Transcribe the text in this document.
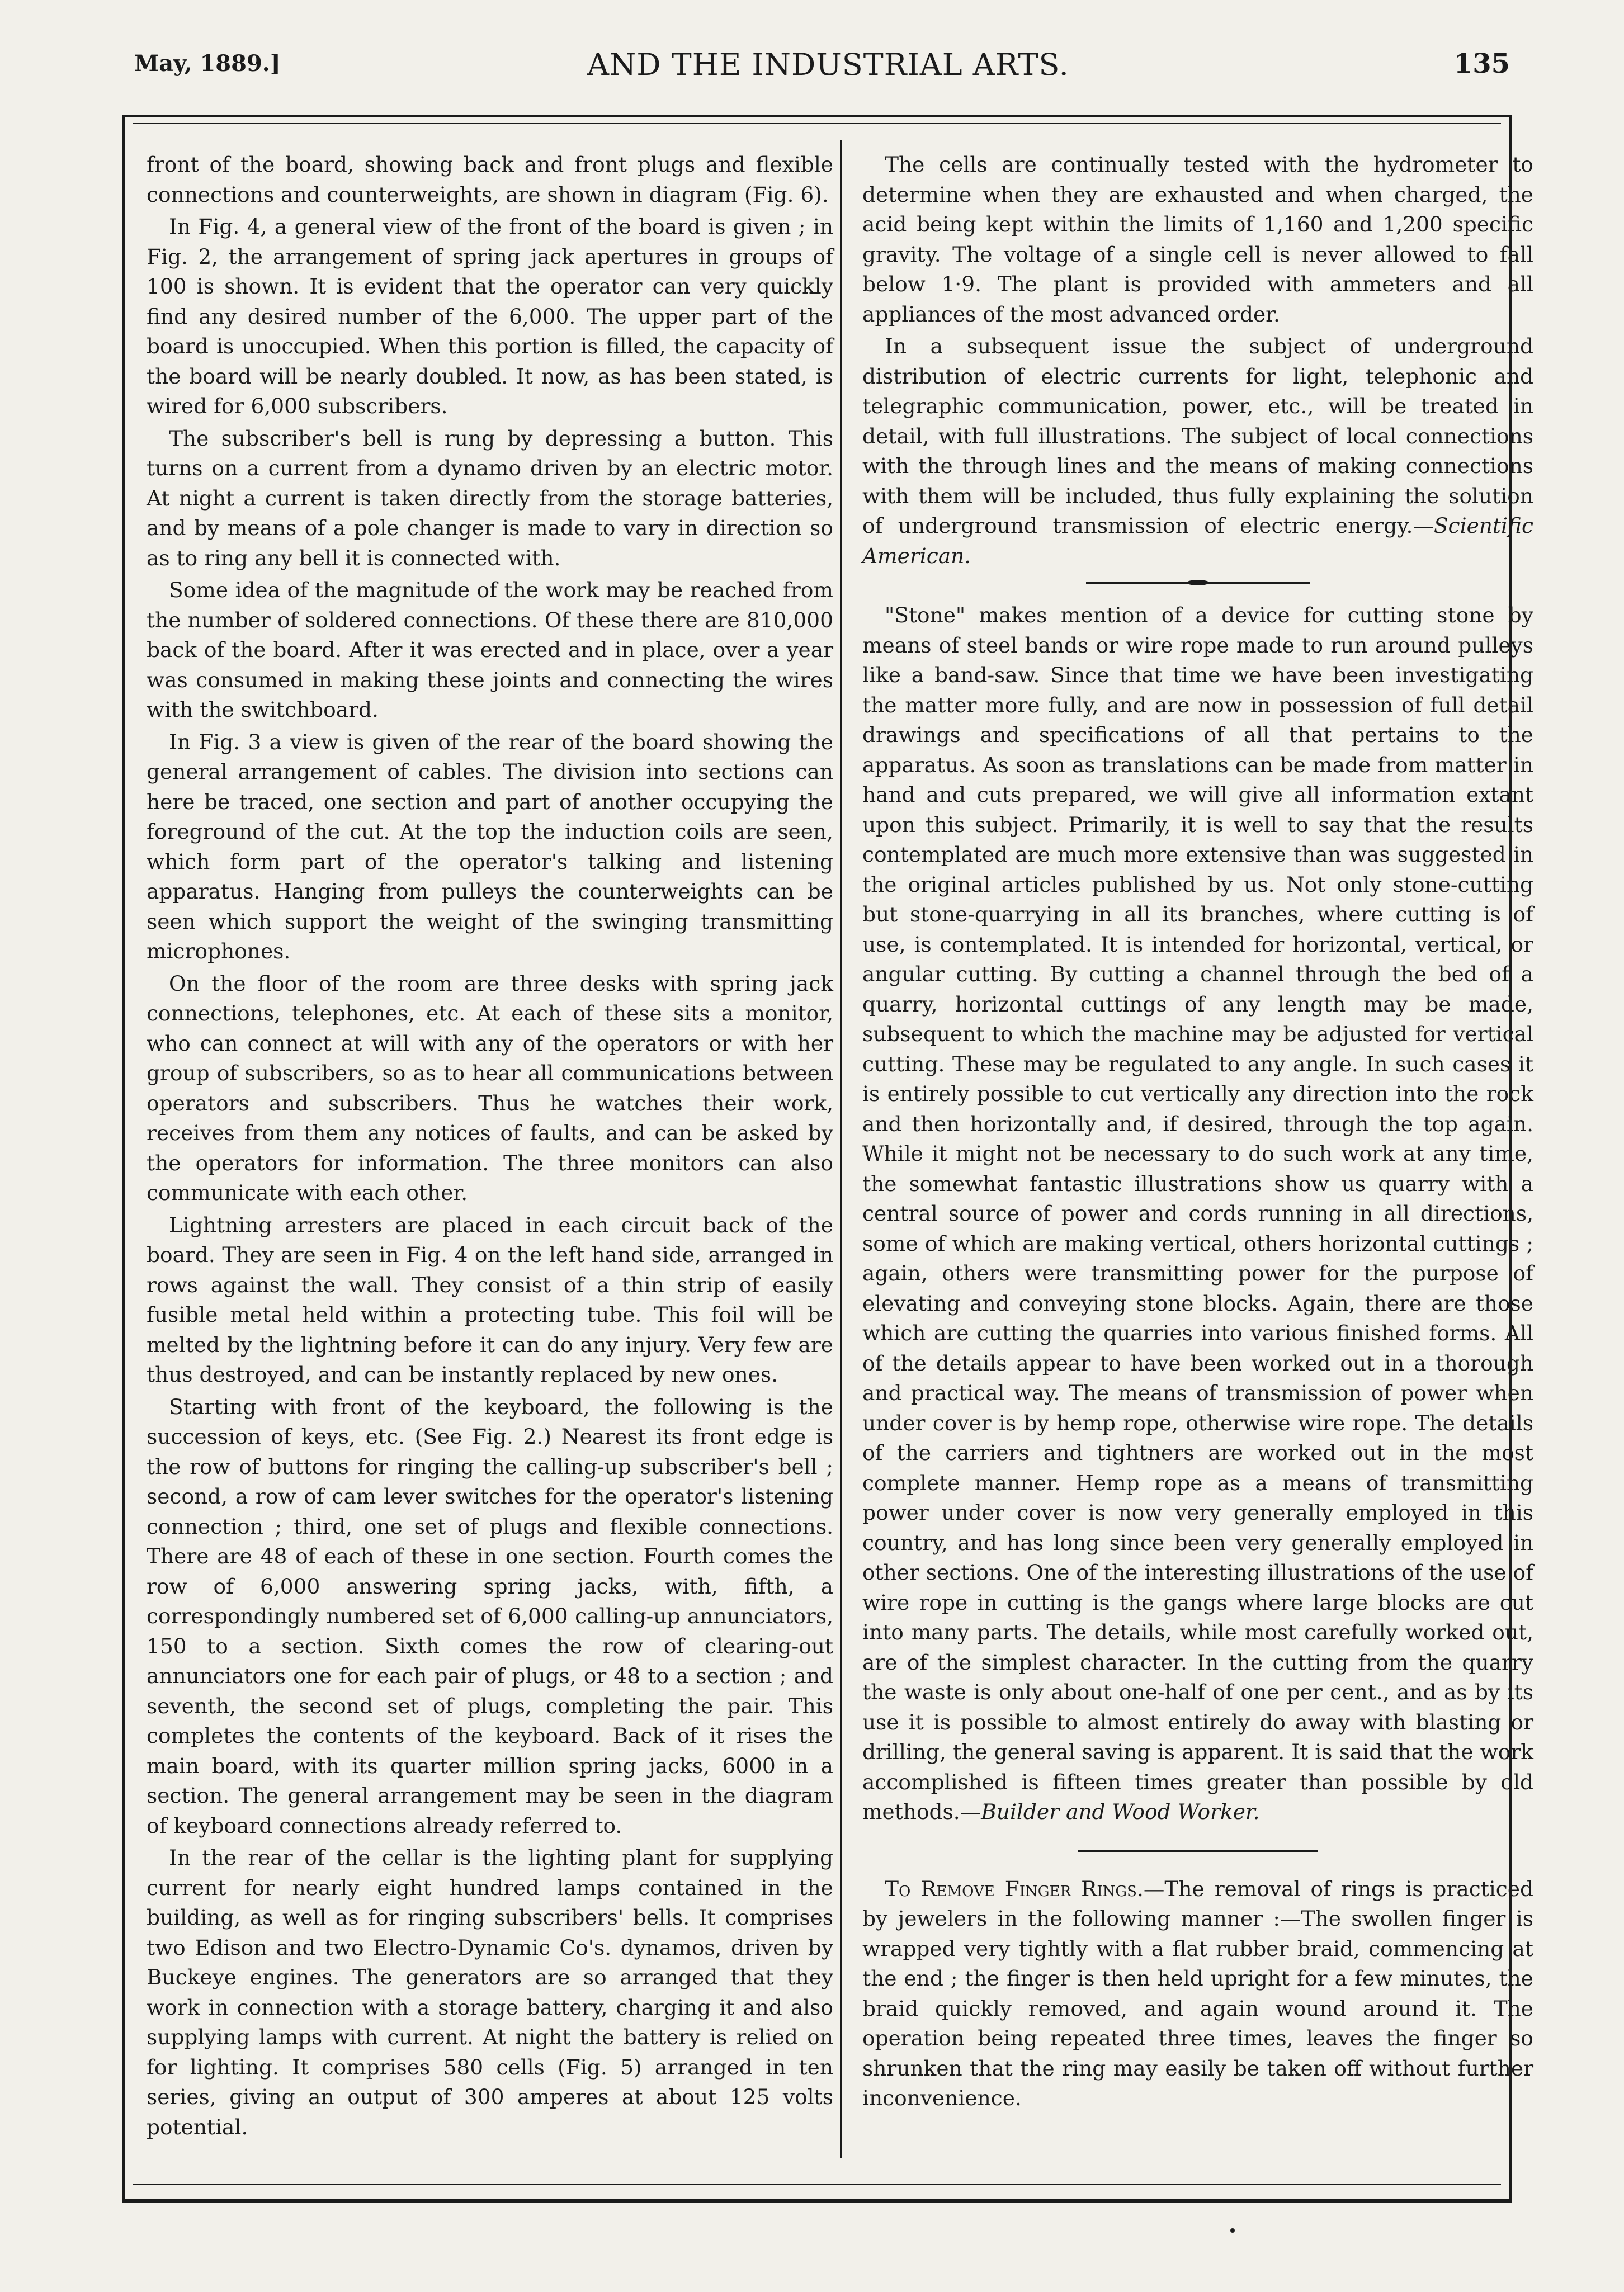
May, 1889.]	AND THE INDUSTRIAL ARTS.	135

front of the board, showing back and front plugs and flexible connections and counterweights, are shown in diagram (Fig. 6).

In Fig. 4, a general view of the front of the board is given ; in Fig. 2, the arrangement of spring jack apertures in groups of 100 is shown. It is evident that the operator can very quickly find any desired number of the 6,000. The upper part of the board is unoccupied. When this portion is filled, the capacity of the board will be nearly doubled. It now, as has been stated, is wired for 6,000 subscribers.

The subscriber's bell is rung by depressing a button. This turns on a current from a dynamo driven by an electric motor. At night a current is taken directly from the storage batteries, and by means of a pole changer is made to vary in direction so as to ring any bell it is connected with.

Some idea of the magnitude of the work may be reached from the number of soldered connections. Of these there are 810,000 back of the board. After it was erected and in place, over a year was consumed in making these joints and connecting the wires with the switchboard.

In Fig. 3 a view is given of the rear of the board showing the general arrangement of cables. The division into sections can here be traced, one section and part of another occupying the foreground of the cut. At the top the induction coils are seen, which form part of the operator's talking and listening apparatus. Hanging from pulleys the counterweights can be seen which support the weight of the swinging transmitting microphones.

On the floor of the room are three desks with spring jack connections, telephones, etc. At each of these sits a monitor, who can connect at will with any of the operators or with her group of subscribers, so as to hear all communications between operators and subscribers. Thus he watches their work, receives from them any notices of faults, and can be asked by the operators for information. The three monitors can also communicate with each other.

Lightning arresters are placed in each circuit back of the board. They are seen in Fig. 4 on the left hand side, arranged in rows against the wall. They consist of a thin strip of easily fusible metal held within a protecting tube. This foil will be melted by the lightning before it can do any injury. Very few are thus destroyed, and can be instantly replaced by new ones.

Starting with front of the keyboard, the following is the succession of keys, etc. (See Fig. 2.) Nearest its front edge is the row of buttons for ringing the calling-up subscriber's bell ; second, a row of cam lever switches for the operator's listening connection ; third, one set of plugs and flexible connections. There are 48 of each of these in one section. Fourth comes the row of 6,000 answering spring jacks, with, fifth, a correspondingly numbered set of 6,000 calling-up annunciators, 150 to a section. Sixth comes the row of clearing-out annunciators one for each pair of plugs, or 48 to a section ; and seventh, the second set of plugs, completing the pair. This completes the contents of the keyboard. Back of it rises the main board, with its quarter million spring jacks, 6000 in a section. The general arrangement may be seen in the diagram of keyboard connections already referred to.

In the rear of the cellar is the lighting plant for supplying current for nearly eight hundred lamps contained in the building, as well as for ringing subscribers' bells. It comprises two Edison and two Electro-Dynamic Co's. dynamos, driven by Buckeye engines. The generators are so arranged that they work in connection with a storage battery, charging it and also supplying lamps with current. At night the battery is relied on for lighting. It comprises 580 cells (Fig. 5) arranged in ten series, giving an output of 300 amperes at about 125 volts potential.

The cells are continually tested with the hydrometer to determine when they are exhausted and when charged, the acid being kept within the limits of 1,160 and 1,200 specific gravity. The voltage of a single cell is never allowed to fall below 1·9. The plant is provided with ammeters and all appliances of the most advanced order.

In a subsequent issue the subject of underground distribution of electric currents for light, telephonic and telegraphic communication, power, etc., will be treated in detail, with full illustrations. The subject of local connections with the through lines and the means of making connections with them will be included, thus fully explaining the solution of underground transmission of electric energy.—Scientific American.

"Stone" makes mention of a device for cutting stone by means of steel bands or wire rope made to run around pulleys like a band-saw. Since that time we have been investigating the matter more fully, and are now in possession of full detail drawings and specifications of all that pertains to the apparatus. As soon as translations can be made from matter in hand and cuts prepared, we will give all information extant upon this subject. Primarily, it is well to say that the results contemplated are much more extensive than was suggested in the original articles published by us. Not only stone-cutting but stone-quarrying in all its branches, where cutting is of use, is contemplated. It is intended for horizontal, vertical, or angular cutting. By cutting a channel through the bed of a quarry, horizontal cuttings of any length may be made, subsequent to which the machine may be adjusted for vertical cutting. These may be regulated to any angle. In such cases it is entirely possible to cut vertically any direction into the rock and then horizontally and, if desired, through the top again. While it might not be necessary to do such work at any time, the somewhat fantastic illustrations show us quarry with a central source of power and cords running in all directions, some of which are making vertical, others horizontal cuttings ; again, others were transmitting power for the purpose of elevating and conveying stone blocks. Again, there are those which are cutting the quarries into various finished forms. All of the details appear to have been worked out in a thorough and practical way. The means of transmission of power when under cover is by hemp rope, otherwise wire rope. The details of the carriers and tightners are worked out in the most complete manner. Hemp rope as a means of transmitting power under cover is now very generally employed in this country, and has long since been very generally employed in other sections. One of the interesting illustrations of the use of wire rope in cutting is the gangs where large blocks are cut into many parts. The details, while most carefully worked out, are of the simplest character. In the cutting from the quarry the waste is only about one-half of one per cent., and as by its use it is possible to almost entirely do away with blasting or drilling, the general saving is apparent. It is said that the work accomplished is fifteen times greater than possible by old methods.—Builder and Wood Worker.

To Remove Finger Rings.—The removal of rings is practiced by jewelers in the following manner :—The swollen finger is wrapped very tightly with a flat rubber braid, commencing at the end ; the finger is then held upright for a few minutes, the braid quickly removed, and again wound around it. The operation being repeated three times, leaves the finger so shrunken that the ring may easily be taken off without further inconvenience.
